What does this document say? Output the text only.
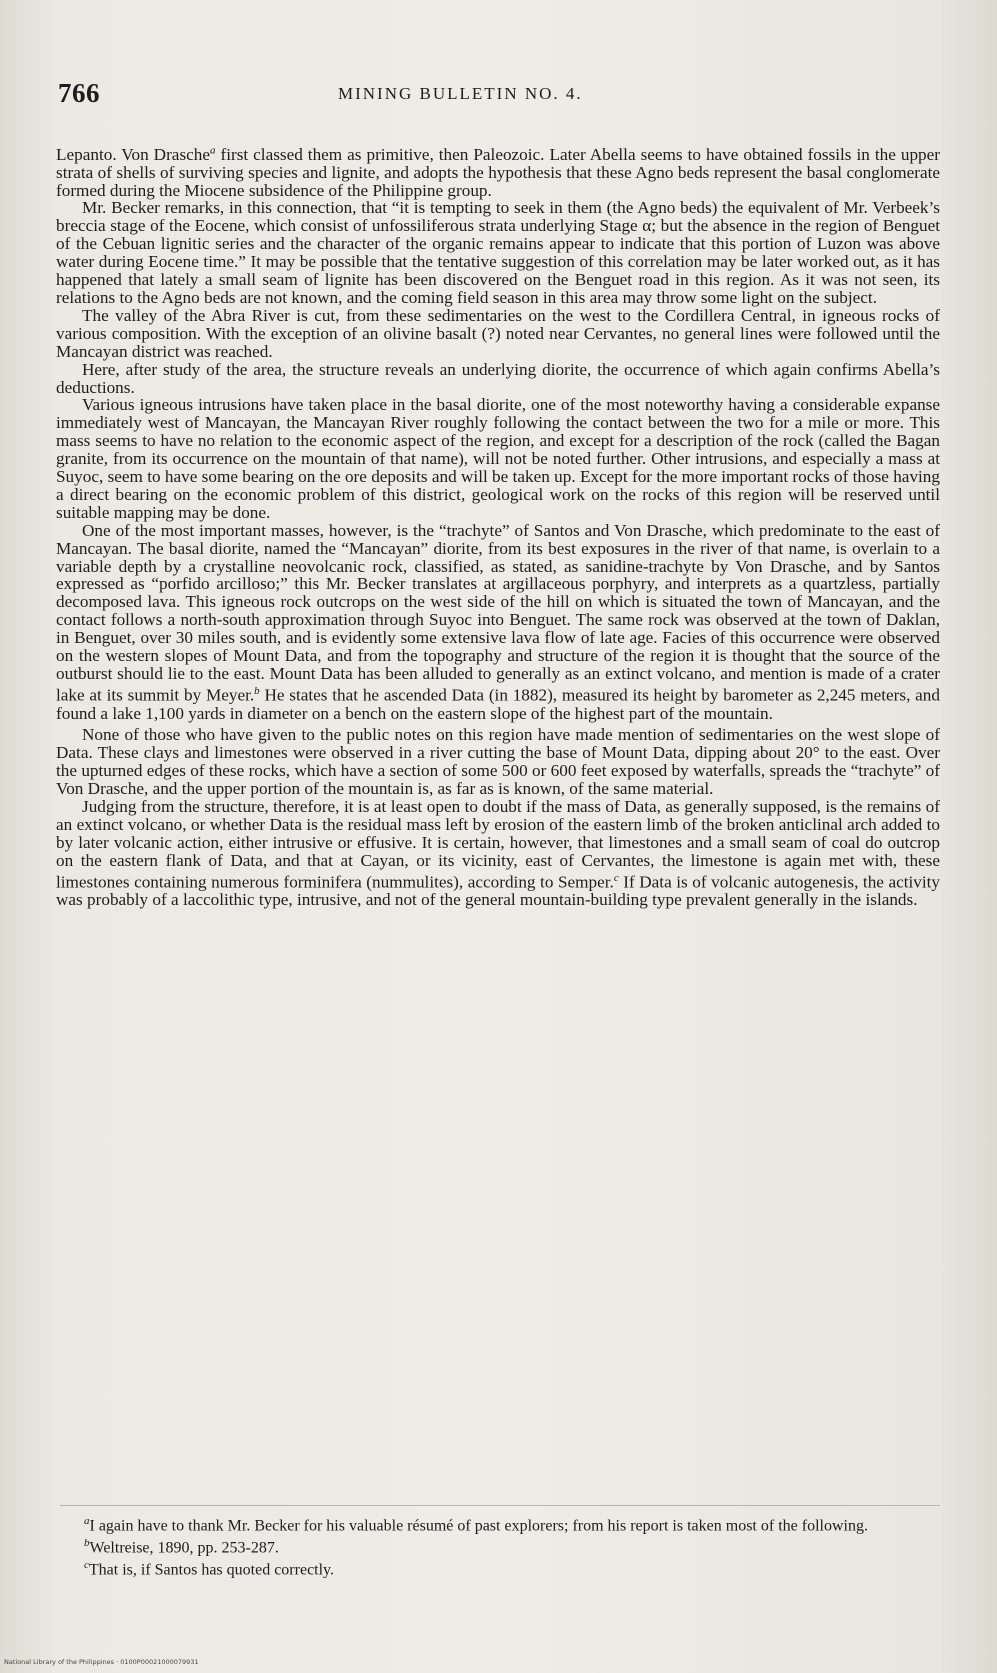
766	MINING BULLETIN NO. 4.

Lepanto. Von Drasche$^a$ first classed them as primitive, then Paleozoic. Later Abella seems to have obtained fossils in the upper strata of shells of surviving species and lignite, and adopts the hypothesis that these Agno beds represent the basal conglomerate formed during the Miocene subsidence of the Philippine group.

Mr. Becker remarks, in this connection, that “it is tempting to seek in them (the Agno beds) the equivalent of Mr. Verbeek’s breccia stage of the Eocene, which consist of unfossiliferous strata underlying Stage α; but the absence in the region of Benguet of the Cebuan lignitic series and the character of the organic remains appear to indicate that this portion of Luzon was above water during Eocene time.” It may be possible that the tentative suggestion of this correlation may be later worked out, as it has happened that lately a small seam of lignite has been discovered on the Benguet road in this region. As it was not seen, its relations to the Agno beds are not known, and the coming field season in this area may throw some light on the subject.

The valley of the Abra River is cut, from these sedimentaries on the west to the Cordillera Central, in igneous rocks of various composition. With the exception of an olivine basalt (?) noted near Cervantes, no general lines were followed until the Mancayan district was reached.

Here, after study of the area, the structure reveals an underlying diorite, the occurrence of which again confirms Abella’s deductions.

Various igneous intrusions have taken place in the basal diorite, one of the most noteworthy having a considerable expanse immediately west of Mancayan, the Mancayan River roughly following the contact between the two for a mile or more. This mass seems to have no relation to the economic aspect of the region, and except for a description of the rock (called the Bagan granite, from its occurrence on the mountain of that name), will not be noted further. Other intrusions, and especially a mass at Suyoc, seem to have some bearing on the ore deposits and will be taken up. Except for the more important rocks of those having a direct bearing on the economic problem of this district, geological work on the rocks of this region will be reserved until suitable mapping may be done.

One of the most important masses, however, is the “trachyte” of Santos and Von Drasche, which predominate to the east of Mancayan. The basal diorite, named the “Mancayan” diorite, from its best exposures in the river of that name, is overlain to a variable depth by a crystalline neovolcanic rock, classified, as stated, as sanidine-trachyte by Von Drasche, and by Santos expressed as “porfido arcilloso;” this Mr. Becker translates at argillaceous porphyry, and interprets as a quartzless, partially decomposed lava. This igneous rock outcrops on the west side of the hill on which is situated the town of Mancayan, and the contact follows a north-south approximation through Suyoc into Benguet. The same rock was observed at the town of Daklan, in Benguet, over 30 miles south, and is evidently some extensive lava flow of late age. Facies of this occurrence were observed on the western slopes of Mount Data, and from the topography and structure of the region it is thought that the source of the outburst should lie to the east. Mount Data has been alluded to generally as an extinct volcano, and mention is made of a crater lake at its summit by Meyer.$^b$ He states that he ascended Data (in 1882), measured its height by barometer as 2,245 meters, and found a lake 1,100 yards in diameter on a bench on the eastern slope of the highest part of the mountain.

None of those who have given to the public notes on this region have made mention of sedimentaries on the west slope of Data. These clays and limestones were observed in a river cutting the base of Mount Data, dipping about 20° to the east. Over the upturned edges of these rocks, which have a section of some 500 or 600 feet exposed by waterfalls, spreads the “trachyte” of Von Drasche, and the upper portion of the mountain is, as far as is known, of the same material.

Judging from the structure, therefore, it is at least open to doubt if the mass of Data, as generally supposed, is the remains of an extinct volcano, or whether Data is the residual mass left by erosion of the eastern limb of the broken anticlinal arch added to by later volcanic action, either intrusive or effusive. It is certain, however, that limestones and a small seam of coal do outcrop on the eastern flank of Data, and that at Cayan, or its vicinity, east of Cervantes, the limestone is again met with, these limestones containing numerous forminifera (nummulites), according to Semper.$^c$ If Data is of volcanic autogenesis, the activity was probably of a laccolithic type, intrusive, and not of the general mountain-building type prevalent generally in the islands.

$^a$I again have to thank Mr. Becker for his valuable résumé of past explorers; from his report is taken most of the following.

$^b$Weltreise, 1890, pp. 253-287.

$^c$That is, if Santos has quoted correctly.

National Library of the Philippines · 0100P00021000079931
